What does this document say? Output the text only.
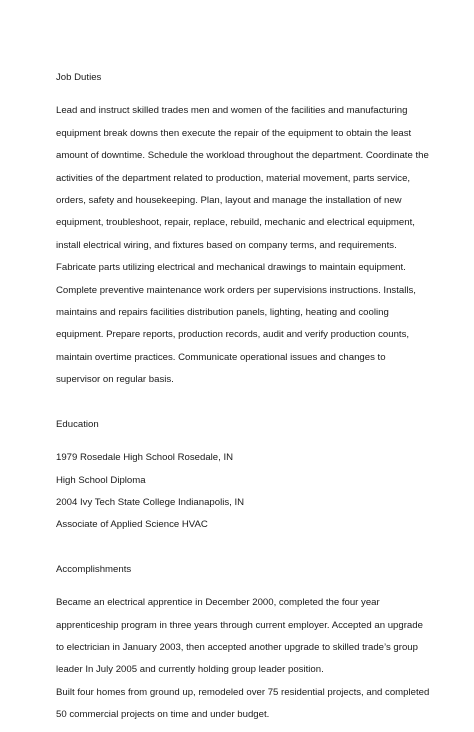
Job Duties

Lead and instruct skilled trades men and women of the facilities and manufacturing

equipment break downs then execute the repair of the equipment to obtain the least

amount of downtime. Schedule the workload throughout the department. Coordinate the

activities of the department related to production, material movement, parts service,

orders, safety and housekeeping. Plan, layout and manage the installation of new

equipment, troubleshoot, repair, replace, rebuild, mechanic and electrical equipment,

install electrical wiring, and fixtures based on company terms, and requirements.

Fabricate parts utilizing electrical and mechanical drawings to maintain equipment.

Complete preventive maintenance work orders per supervisions instructions. Installs,

maintains and repairs facilities distribution panels, lighting, heating and cooling

equipment. Prepare reports, production records, audit and verify production counts,

maintain overtime practices. Communicate operational issues and changes to

supervisor on regular basis.

Education

1979 Rosedale High School Rosedale, IN

High School Diploma

2004 Ivy Tech State College Indianapolis, IN

Associate of Applied Science HVAC

Accomplishments

Became an electrical apprentice in December 2000, completed the four year

apprenticeship program in three years through current employer. Accepted an upgrade

to electrician in January 2003, then accepted another upgrade to skilled trade’s group

leader In July 2005 and currently holding group leader position.

Built four homes from ground up, remodeled over 75 residential projects, and completed

50 commercial projects on time and under budget.
